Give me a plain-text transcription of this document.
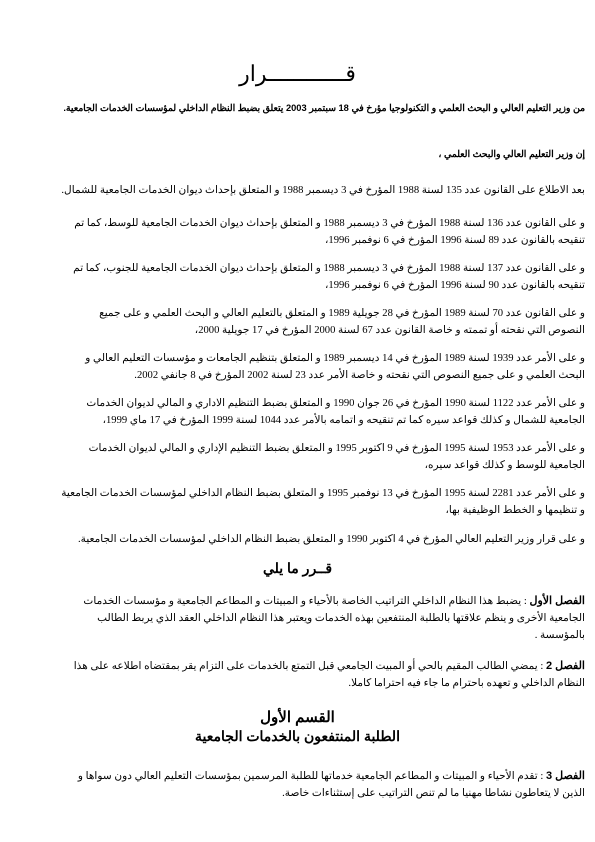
قــــــــــــرار
من وزير التعليم العالي و البحث العلمي و التكنولوجيا مؤرخ في 18 سبتمبر 2003 يتعلق بضبط النظام الداخلي لمؤسسات الخدمات الجامعية.
إن وزير التعليم العالي والبحث العلمي ،
بعد الاطلاع على القانون عدد 135 لسنة 1988 المؤرخ في 3 ديسمبر 1988 و المتعلق بإحداث ديوان الخدمات الجامعية للشمال.
و على القانون عدد 136 لسنة 1988 المؤرخ في 3 ديسمبر 1988 و المتعلق بإحداث ديوان الخدمات الجامعية للوسط، كما تم تنقيحه بالقانون عدد 89 لسنة 1996 المؤرخ في 6 نوفمبر 1996،
و على القانون عدد 137 لسنة 1988 المؤرخ في 3 ديسمبر 1988 و المتعلق بإحداث ديوان الخدمات الجامعية للجنوب، كما تم تنقيحه بالقانون عدد 90 لسنة 1996 المؤرخ في 6 نوفمبر 1996،
و على القانون عدد 70 لسنة 1989 المؤرخ في 28 جويلية 1989 و المتعلق بالتعليم العالي و البحث العلمي و على جميع النصوص التي نقحته أو تممته و خاصة القانون عدد 67 لسنة 2000 المؤرخ في 17 جويلية 2000،
و على الأمر عدد 1939 لسنة 1989 المؤرخ في 14 ديسمبر 1989 و المتعلق بتنظيم الجامعات و مؤسسات التعليم العالي و البحث العلمي و على جميع النصوص التي نقحته و خاصة الأمر عدد 23 لسنة 2002 المؤرخ في 8 جانفي 2002.
و على الأمر عدد 1122 لسنة 1990 المؤرخ في 26 جوان 1990 و المتعلق بضبط التنظيم الاداري و المالي لديوان الخدمات الجامعية للشمال و كذلك قواعد سيره كما تم تنقيحه و اتمامه بالأمر عدد 1044 لسنة 1999 المؤرخ في 17 ماي 1999،
و على الأمر عدد 1953 لسنة 1995 المؤرخ في 9 اكتوبر 1995 و المتعلق بضبط التنظيم الإداري و المالي لديوان الخدمات الجامعية للوسط و كذلك قواعد سيره،
و على الأمر عدد 2281 لسنة 1995 المؤرخ في 13 نوفمبر 1995 و المتعلق بضبط النظام الداخلي لمؤسسات الخدمات الجامعية و تنظيمها و الخطط الوظيفية بها،
و على قرار وزير التعليم العالي المؤرخ في 4 اكتوبر 1990 و المتعلق بضبط النظام الداخلي لمؤسسات الخدمات الجامعية.
قــرر ما يلي
الفصل الأول : يضبط هذا النظام الداخلي التراتيب الخاصة بالأحياء و المبيتات و المطاعم الجامعية و مؤسسات الخدمات الجامعية الأخرى و ينظم علاقتها بالطلبة المنتفعين بهذه الخدمات ويعتبر هذا النظام الداخلي العقد الذي يربط الطالب بالمؤسسة .
الفصل 2 : يمضي الطالب المقيم بالحي أو المبيت الجامعي قبل التمتع بالخدمات على التزام يقر بمقتضاه اطلاعه على هذا النظام الداخلي و تعهده باحترام ما جاء فيه احتراما كاملا.
القسم الأول
الطلبة المنتفعون بالخدمات الجامعية
الفصل 3 : تقدم الأحياء و المبيتات و المطاعم الجامعية خدماتها للطلبة المرسمين بمؤسسات التعليم العالي دون سواها و الذين لا يتعاطون نشاطا مهنيا ما لم تنص التراتيب على إستثناءات خاصة.
